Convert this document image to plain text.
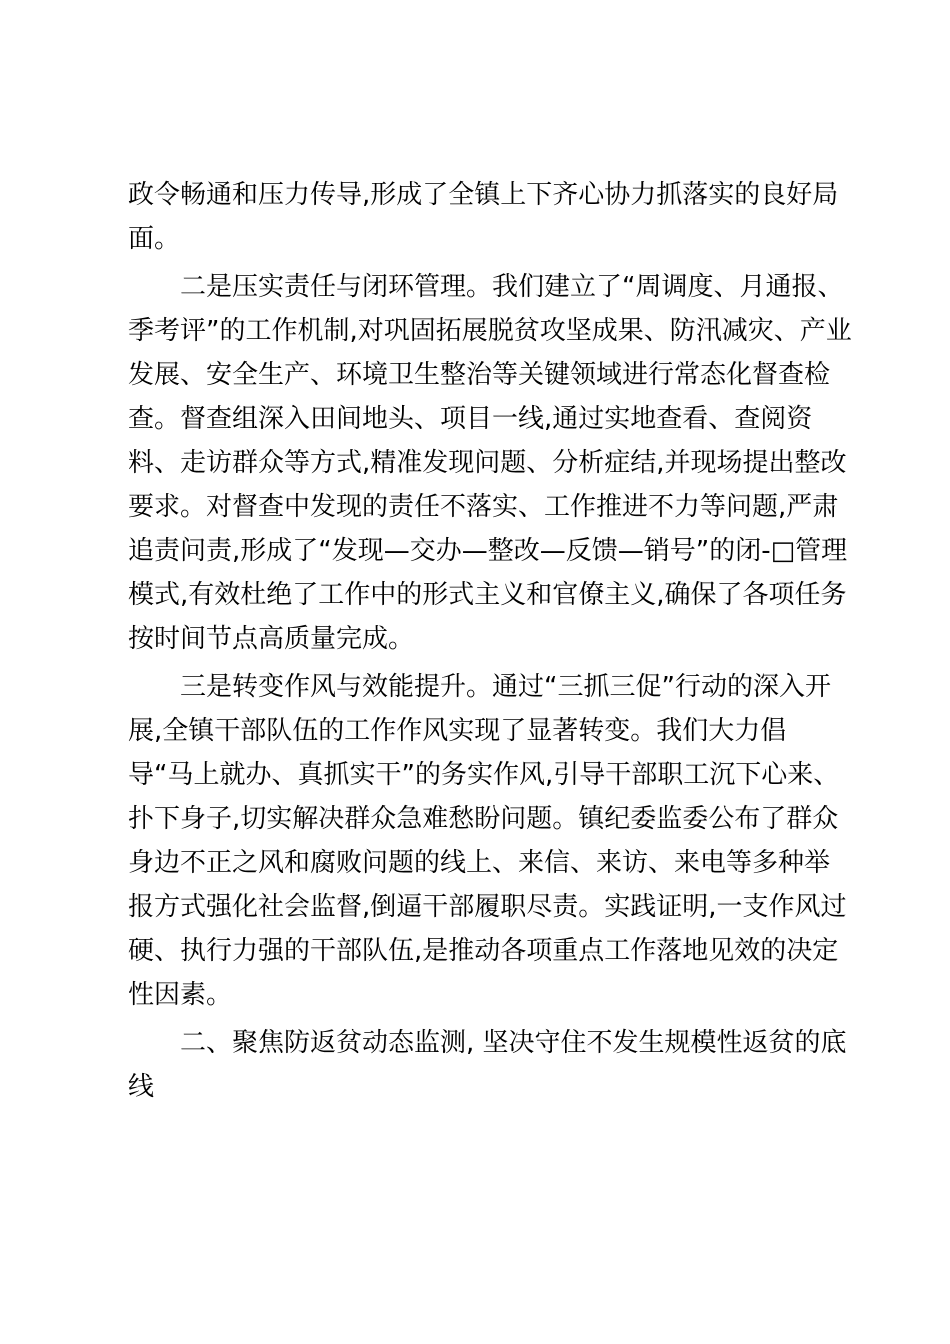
政令畅通和压力传导,形成了全镇上下齐心协力抓落实的良好局
面。
二是压实责任与闭环管理。我们建立了“周调度、月通报、
季考评”的工作机制,对巩固拓展脱贫攻坚成果、防汛减灾、产业
发展、安全生产、环境卫生整治等关键领域进行常态化督查检
查。督查组深入田间地头、项目一线,通过实地查看、查阅资
料、走访群众等方式,精准发现问题、分析症结,并现场提出整改
要求。对督查中发现的责任不落实、工作推进不力等问题,严肃
追责问责,形成了“发现—交办—整改—反馈—销号”的闭-□管理
模式,有效杜绝了工作中的形式主义和官僚主义,确保了各项任务
按时间节点高质量完成。
三是转变作风与效能提升。通过“三抓三促”行动的深入开
展,全镇干部队伍的工作作风实现了显著转变。我们大力倡
导“马上就办、真抓实干”的务实作风,引导干部职工沉下心来、
扑下身子,切实解决群众急难愁盼问题。镇纪委监委公布了群众
身边不正之风和腐败问题的线上、来信、来访、来电等多种举
报方式强化社会监督,倒逼干部履职尽责。实践证明,一支作风过
硬、执行力强的干部队伍,是推动各项重点工作落地见效的决定
性因素。
二、聚焦防返贫动态监测, 坚决守住不发生规模性返贫的底
线
